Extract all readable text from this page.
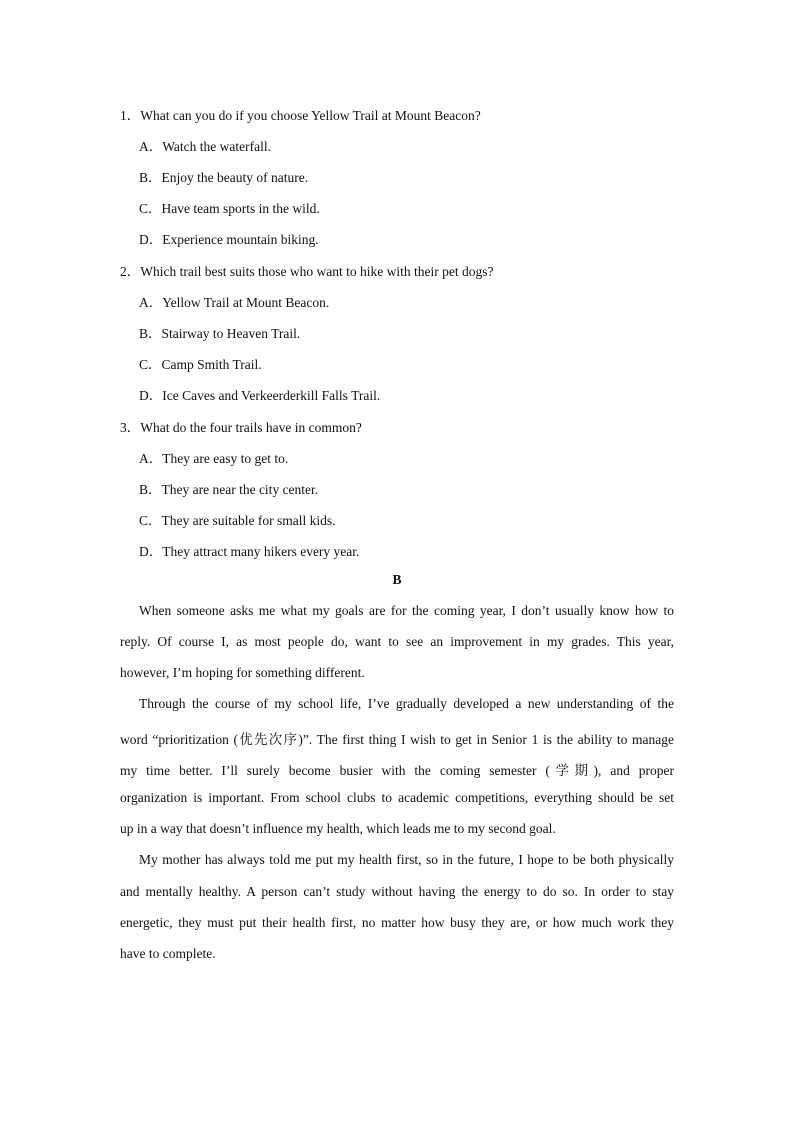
1．What can you do if you choose Yellow Trail at Mount Beacon?

A．Watch the waterfall.

B．Enjoy the beauty of nature.

C．Have team sports in the wild.

D．Experience mountain biking.

2．Which trail best suits those who want to hike with their pet dogs?

A．Yellow Trail at Mount Beacon.

B．Stairway to Heaven Trail.

C．Camp Smith Trail.

D．Ice Caves and Verkeerderkill Falls Trail.

3．What do the four trails have in common?

A．They are easy to get to.

B．They are near the city center.

C．They are suitable for small kids.

D．They attract many hikers every year.

B

When someone asks me what my goals are for the coming year, I don’t usually know how to

reply. Of course I, as most people do, want to see an improvement in my grades. This year,

however, I’m hoping for something different.

Through the course of my school life, I’ve gradually developed a new understanding of the

word “prioritization (优先次序)”. The first thing I wish to get in Senior 1 is the ability to manage

my time better. I’ll surely become busier with the coming semester (学期), and proper

organization is important. From school clubs to academic competitions, everything should be set

up in a way that doesn’t influence my health, which leads me to my second goal.

My mother has always told me put my health first, so in the future, I hope to be both physically

and mentally healthy. A person can’t study without having the energy to do so. In order to stay

energetic, they must put their health first, no matter how busy they are, or how much work they

have to complete.
